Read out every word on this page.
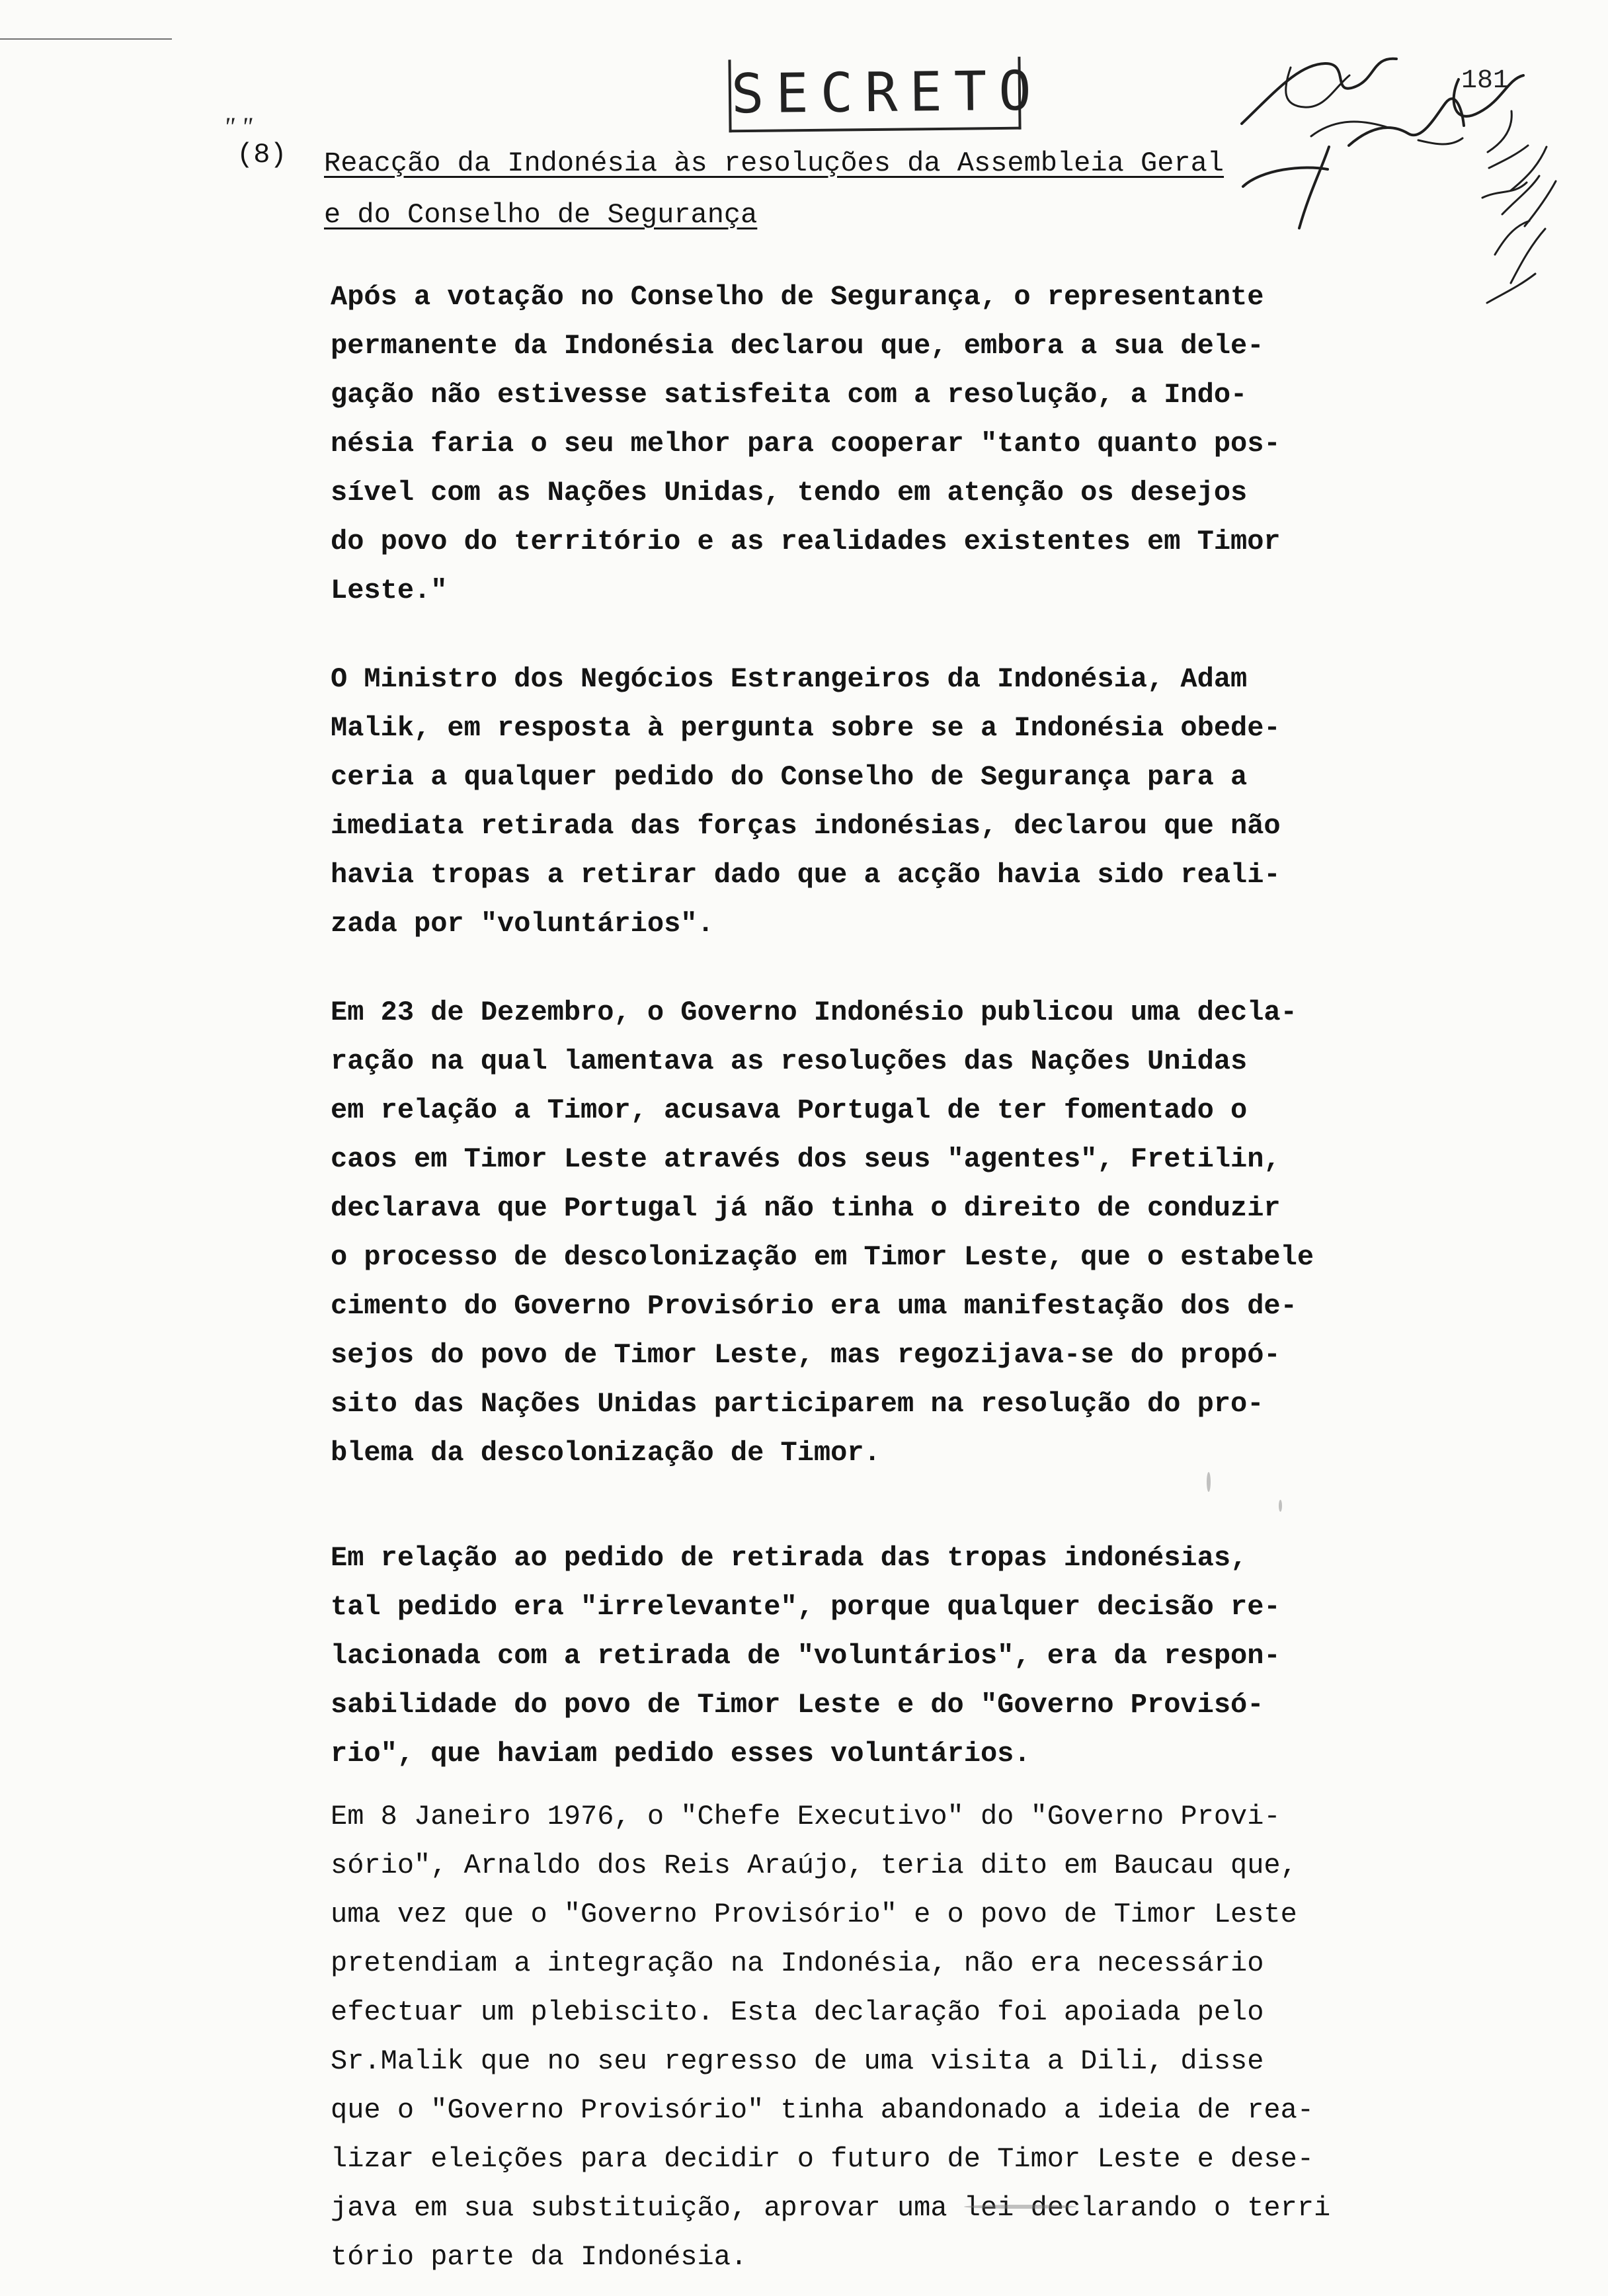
SECRETO	181
" "
(8) Reacção da Indonésia às resoluções da Assembleia Geral
e do Conselho de Segurança
Após a votação no Conselho de Segurança, o representante
permanente da Indonésia declarou que, embora a sua dele-
gação não estivesse satisfeita com a resolução, a Indo-
nésia faria o seu melhor para cooperar "tanto quanto pos-
sível com as Nações Unidas, tendo em atenção os desejos
do povo do território e as realidades existentes em Timor
Leste."
O Ministro dos Negócios Estrangeiros da Indonésia, Adam
Malik, em resposta à pergunta sobre se a Indonésia obede-
ceria a qualquer pedido do Conselho de Segurança para a
imediata retirada das forças indonésias, declarou que não
havia tropas a retirar dado que a acção havia sido reali-
zada por "voluntários".
Em 23 de Dezembro, o Governo Indonésio publicou uma decla-
ração na qual lamentava as resoluções das Nações Unidas
em relação a Timor, acusava Portugal de ter fomentado o
caos em Timor Leste através dos seus "agentes", Fretilin,
declarava que Portugal já não tinha o direito de conduzir
o processo de descolonização em Timor Leste, que o estabele
cimento do Governo Provisório era uma manifestação dos de-
sejos do povo de Timor Leste, mas regozijava-se do propó-
sito das Nações Unidas participarem na resolução do pro-
blema da descolonização de Timor.
Em relação ao pedido de retirada das tropas indonésias,
tal pedido era "irrelevante", porque qualquer decisão re-
lacionada com a retirada de "voluntários", era da respon-
sabilidade do povo de Timor Leste e do "Governo Provisó-
rio", que haviam pedido esses voluntários.
Em 8 Janeiro 1976, o "Chefe Executivo" do "Governo Provi-
sório", Arnaldo dos Reis Araújo, teria dito em Baucau que,
uma vez que o "Governo Provisório" e o povo de Timor Leste
pretendiam a integração na Indonésia, não era necessário
efectuar um plebiscito. Esta declaração foi apoiada pelo
Sr.Malik que no seu regresso de uma visita a Dili, disse
que o "Governo Provisório" tinha abandonado a ideia de rea-
lizar eleições para decidir o futuro de Timor Leste e dese-
java em sua substituição, aprovar uma lei declarando o terri
tório parte da Indonésia.
